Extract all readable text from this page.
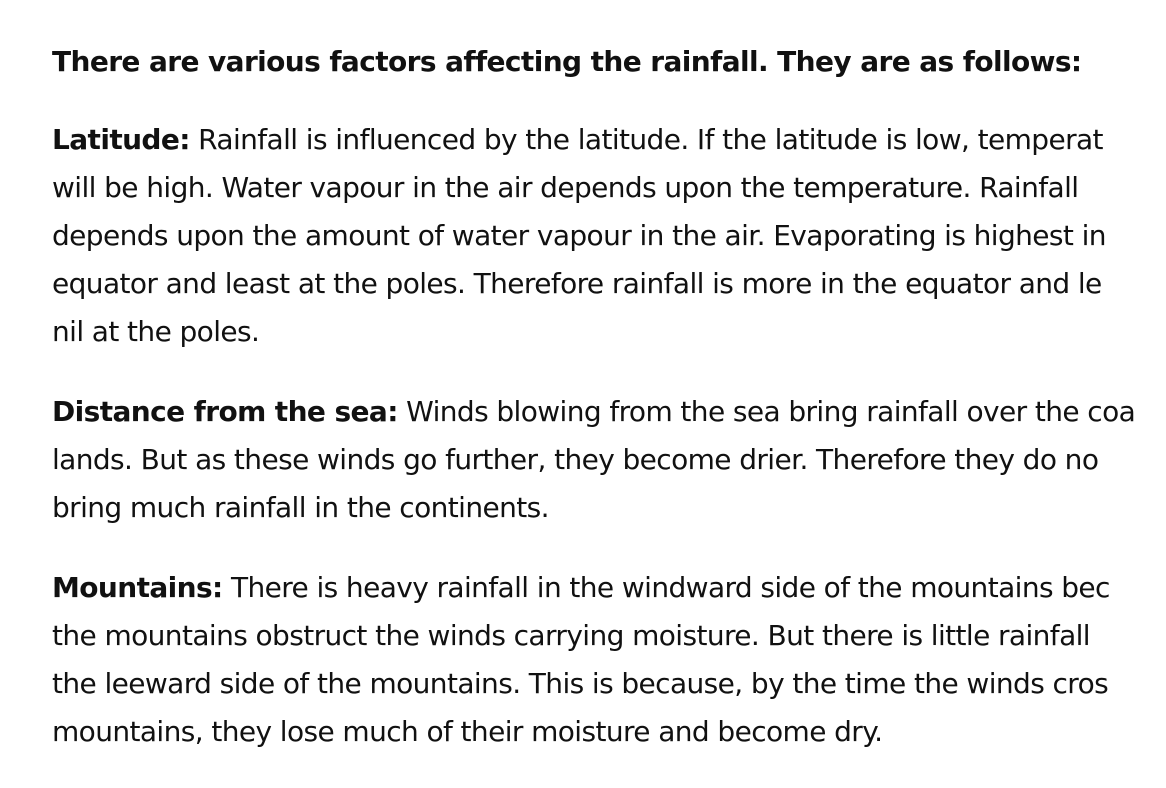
There are various factors affecting the rainfall. They are as follows:
Latitude: Rainfall is influenced by the latitude. If the latitude is low, temperat
will be high. Water vapour in the air depends upon the temperature. Rainfall
depends upon the amount of water vapour in the air. Evaporating is highest in
equator and least at the poles. Therefore rainfall is more in the equator and le
nil at the poles.
Distance from the sea: Winds blowing from the sea bring rainfall over the coa
lands. But as these winds go further, they become drier. Therefore they do no
bring much rainfall in the continents.
Mountains: There is heavy rainfall in the windward side of the mountains bec
the mountains obstruct the winds carrying moisture. But there is little rainfall
the leeward side of the mountains. This is because, by the time the winds cros
mountains, they lose much of their moisture and become dry.
